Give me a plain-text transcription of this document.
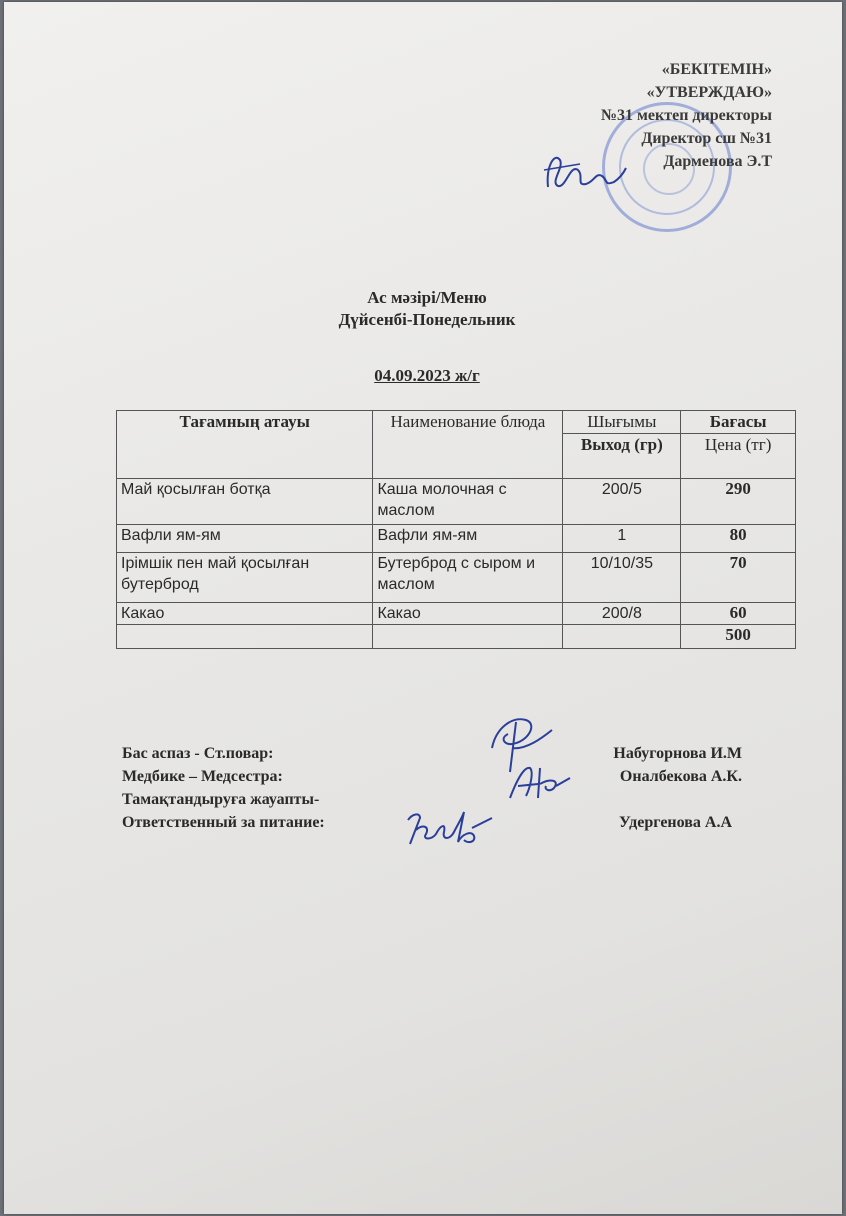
«БЕКІТЕМІН»
«УТВЕРЖДАЮ»
№31 мектеп директоры
Директор сш №31
Дарменова Э.Т
Ас мәзірі/Меню
Дүйсенбі-Понедельник
04.09.2023 ж/г
Тағамның атауы	Наименование блюда	Шығымы	Бағасы
		Выход (гр)	Цена (тг)
Май қосылған ботқа	Каша молочная с маслом	200/5	290
Вафли ям-ям	Вафли ям-ям	1	80
Ірімшік пен май қосылған бутерброд	Бутерброд с сыром и маслом	10/10/35	70
Какао	Какао	200/8	60
			500
Бас аспаз - Ст.повар:	Набугорнова И.М
Медбике – Медсестра:	Оналбекова А.К.
Тамақтандыруға жауапты-
Ответственный за питание:	Удергенова А.А
